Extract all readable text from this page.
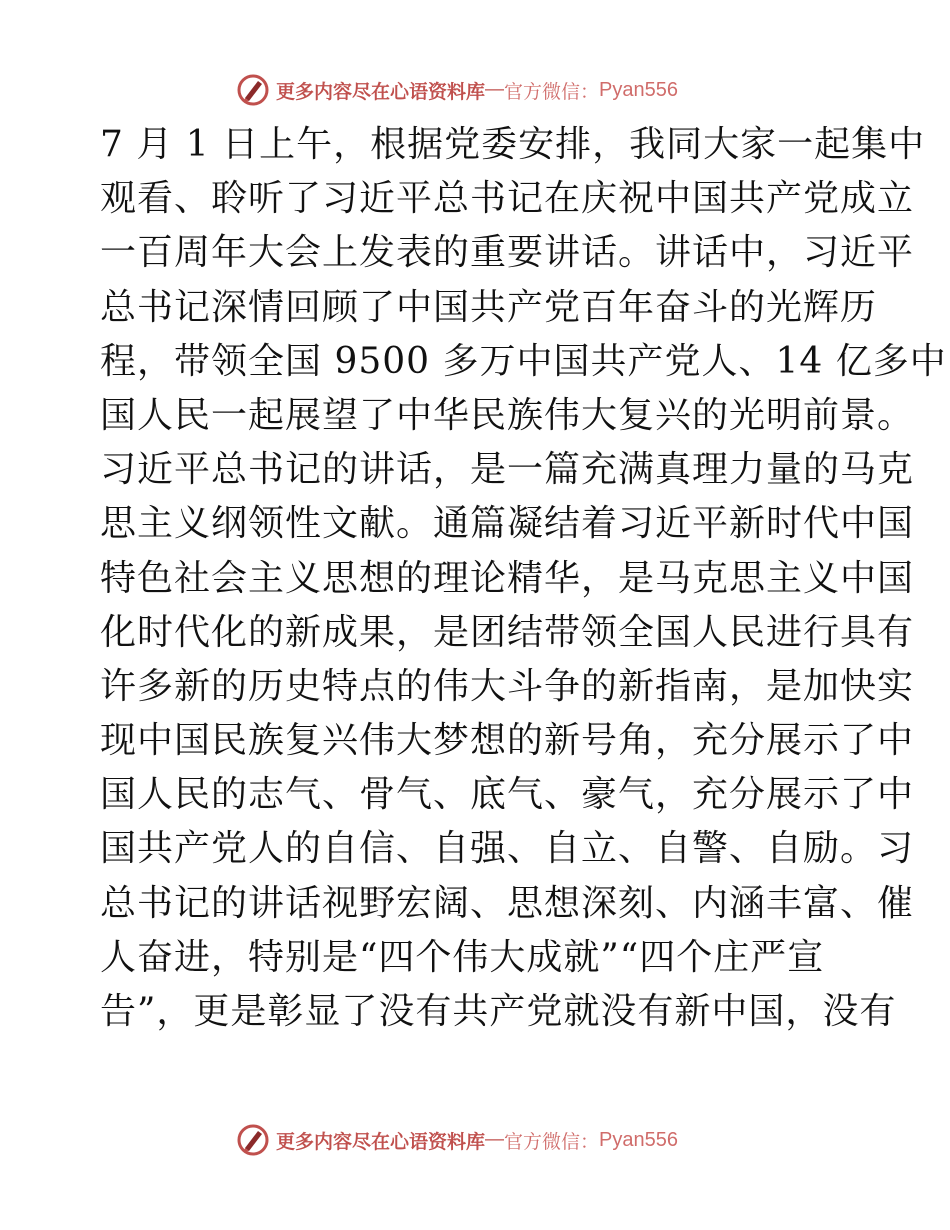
更多内容尽在心语资料库 — 官方微信： Pyan556
7 月 1 日上午，根据党委安排，我同大家一起集中
观看、聆听了习近平总书记在庆祝中国共产党成立
一百周年大会上发表的重要讲话。讲话中，习近平
总书记深情回顾了中国共产党百年奋斗的光辉历
程，带领全国 9500 多万中国共产党人、14 亿多中
国人民一起展望了中华民族伟大复兴的光明前景。
习近平总书记的讲话，是一篇充满真理力量的马克
思主义纲领性文献。通篇凝结着习近平新时代中国
特色社会主义思想的理论精华，是马克思主义中国
化时代化的新成果，是团结带领全国人民进行具有
许多新的历史特点的伟大斗争的新指南，是加快实
现中国民族复兴伟大梦想的新号角，充分展示了中
国人民的志气、骨气、底气、豪气，充分展示了中
国共产党人的自信、自强、自立、自警、自励。习
总书记的讲话视野宏阔、思想深刻、内涵丰富、催
人奋进，特别是“四个伟大成就”“四个庄严宣
告”，更是彰显了没有共产党就没有新中国，没有
更多内容尽在心语资料库 — 官方微信： Pyan556
